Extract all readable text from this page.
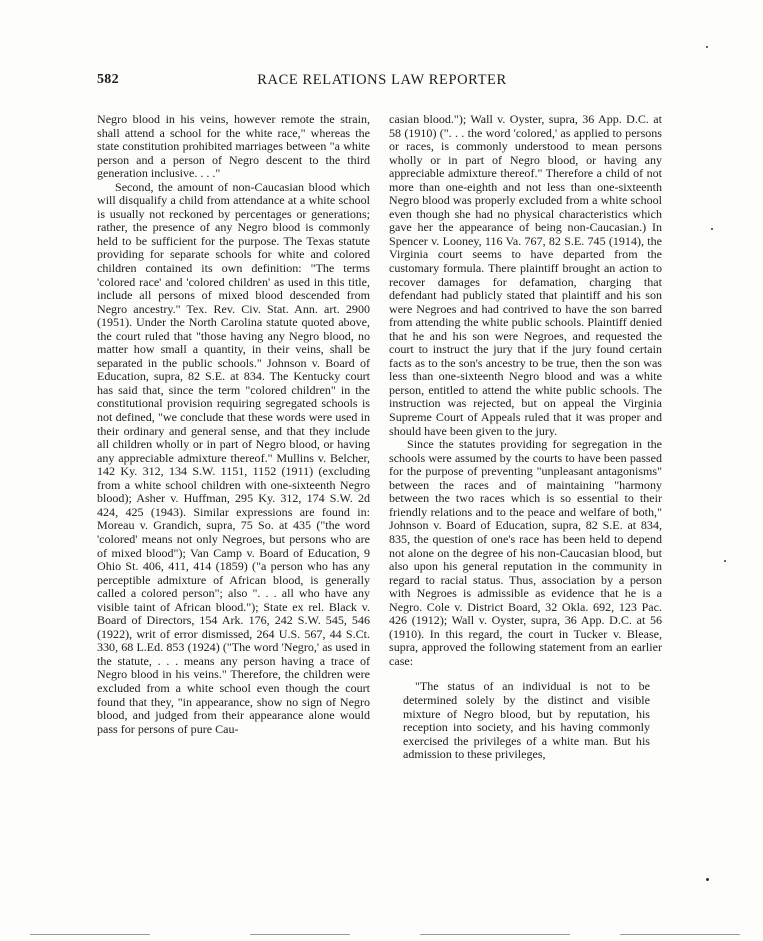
582	RACE RELATIONS LAW REPORTER

Negro blood in his veins, however remote the strain, shall attend a school for the white race," whereas the state constitution prohibited marriages between "a white person and a person of Negro descent to the third generation inclusive. . . ."

Second, the amount of non-Caucasian blood which will disqualify a child from attendance at a white school is usually not reckoned by percentages or generations; rather, the presence of any Negro blood is commonly held to be sufficient for the purpose. The Texas statute providing for separate schools for white and colored children contained its own definition: "The terms 'colored race' and 'colored children' as used in this title, include all persons of mixed blood descended from Negro ancestry." Tex. Rev. Civ. Stat. Ann. art. 2900 (1951). Under the North Carolina statute quoted above, the court ruled that "those having any Negro blood, no matter how small a quantity, in their veins, shall be separated in the public schools." Johnson v. Board of Education, supra, 82 S.E. at 834. The Kentucky court has said that, since the term "colored children" in the constitutional provision requiring segregated schools is not defined, "we conclude that these words were used in their ordinary and general sense, and that they include all children wholly or in part of Negro blood, or having any appreciable admixture thereof." Mullins v. Belcher, 142 Ky. 312, 134 S.W. 1151, 1152 (1911) (excluding from a white school children with one-sixteenth Negro blood); Asher v. Huffman, 295 Ky. 312, 174 S.W. 2d 424, 425 (1943). Similar expressions are found in: Moreau v. Grandich, supra, 75 So. at 435 ("the word 'colored' means not only Negroes, but persons who are of mixed blood"); Van Camp v. Board of Education, 9 Ohio St. 406, 411, 414 (1859) ("a person who has any perceptible admixture of African blood, is generally called a colored person"; also ". . . all who have any visible taint of African blood."); State ex rel. Black v. Board of Directors, 154 Ark. 176, 242 S.W. 545, 546 (1922), writ of error dismissed, 264 U.S. 567, 44 S.Ct. 330, 68 L.Ed. 853 (1924) ("The word 'Negro,' as used in the statute, . . . means any person having a trace of Negro blood in his veins." Therefore, the children were excluded from a white school even though the court found that they, "in appearance, show no sign of Negro blood, and judged from their appearance alone would pass for persons of pure Cau-

casian blood."); Wall v. Oyster, supra, 36 App. D.C. at 58 (1910) (". . . the word 'colored,' as applied to persons or races, is commonly understood to mean persons wholly or in part of Negro blood, or having any appreciable admixture thereof." Therefore a child of not more than one-eighth and not less than one-sixteenth Negro blood was properly excluded from a white school even though she had no physical characteristics which gave her the appearance of being non-Caucasian.) In Spencer v. Looney, 116 Va. 767, 82 S.E. 745 (1914), the Virginia court seems to have departed from the customary formula. There plaintiff brought an action to recover damages for defamation, charging that defendant had publicly stated that plaintiff and his son were Negroes and had contrived to have the son barred from attending the white public schools. Plaintiff denied that he and his son were Negroes, and requested the court to instruct the jury that if the jury found certain facts as to the son's ancestry to be true, then the son was less than one-sixteenth Negro blood and was a white person, entitled to attend the white public schools. The instruction was rejected, but on appeal the Virginia Supreme Court of Appeals ruled that it was proper and should have been given to the jury.

Since the statutes providing for segregation in the schools were assumed by the courts to have been passed for the purpose of preventing "unpleasant antagonisms" between the races and of maintaining "harmony between the two races which is so essential to their friendly relations and to the peace and welfare of both," Johnson v. Board of Education, supra, 82 S.E. at 834, 835, the question of one's race has been held to depend not alone on the degree of his non-Caucasian blood, but also upon his general reputation in the community in regard to racial status. Thus, association by a person with Negroes is admissible as evidence that he is a Negro. Cole v. District Board, 32 Okla. 692, 123 Pac. 426 (1912); Wall v. Oyster, supra, 36 App. D.C. at 56 (1910). In this regard, the court in Tucker v. Blease, supra, approved the following statement from an earlier case:

"The status of an individual is not to be determined solely by the distinct and visible mixture of Negro blood, but by reputation, his reception into society, and his having commonly exercised the privileges of a white man. But his admission to these privileges,
